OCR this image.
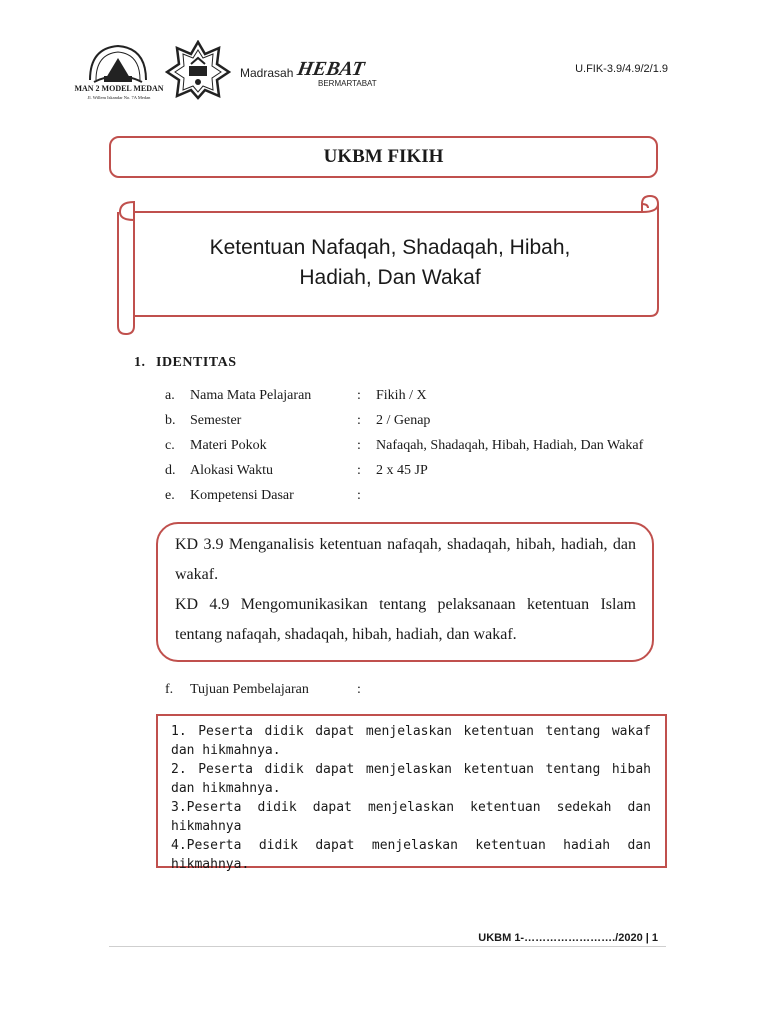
MAN 2 MODEL MEDAN
Jl. Willem Iskandar No. 7A Medan
Madrasah HEBAT
BERMARTABAT
U.FIK-3.9/4.9/2/1.9
UKBM FIKIH
Ketentuan Nafaqah, Shadaqah, Hibah,
Hadiah, Dan Wakaf
1. IDENTITAS
a.	Nama Mata Pelajaran	:	Fikih / X
b.	Semester	:	2 / Genap
c.	Materi Pokok	:	Nafaqah, Shadaqah, Hibah, Hadiah, Dan Wakaf
d.	Alokasi Waktu	:	2 x 45 JP
e.	Kompetensi Dasar	:
KD 3.9 Menganalisis ketentuan nafaqah, shadaqah, hibah, hadiah, dan wakaf.
KD 4.9 Mengomunikasikan tentang pelaksanaan ketentuan Islam tentang nafaqah, shadaqah, hibah, hadiah, dan wakaf.
f.	Tujuan Pembelajaran	:
1. Peserta didik dapat menjelaskan ketentuan tentang wakaf dan hikmahnya.
2. Peserta didik dapat menjelaskan ketentuan tentang hibah dan hikmahnya.
3.Peserta didik dapat menjelaskan ketentuan sedekah dan hikmahnya
4.Peserta didik dapat menjelaskan ketentuan hadiah dan hikmahnya.
UKBM 1-……………………./2020 | 1
